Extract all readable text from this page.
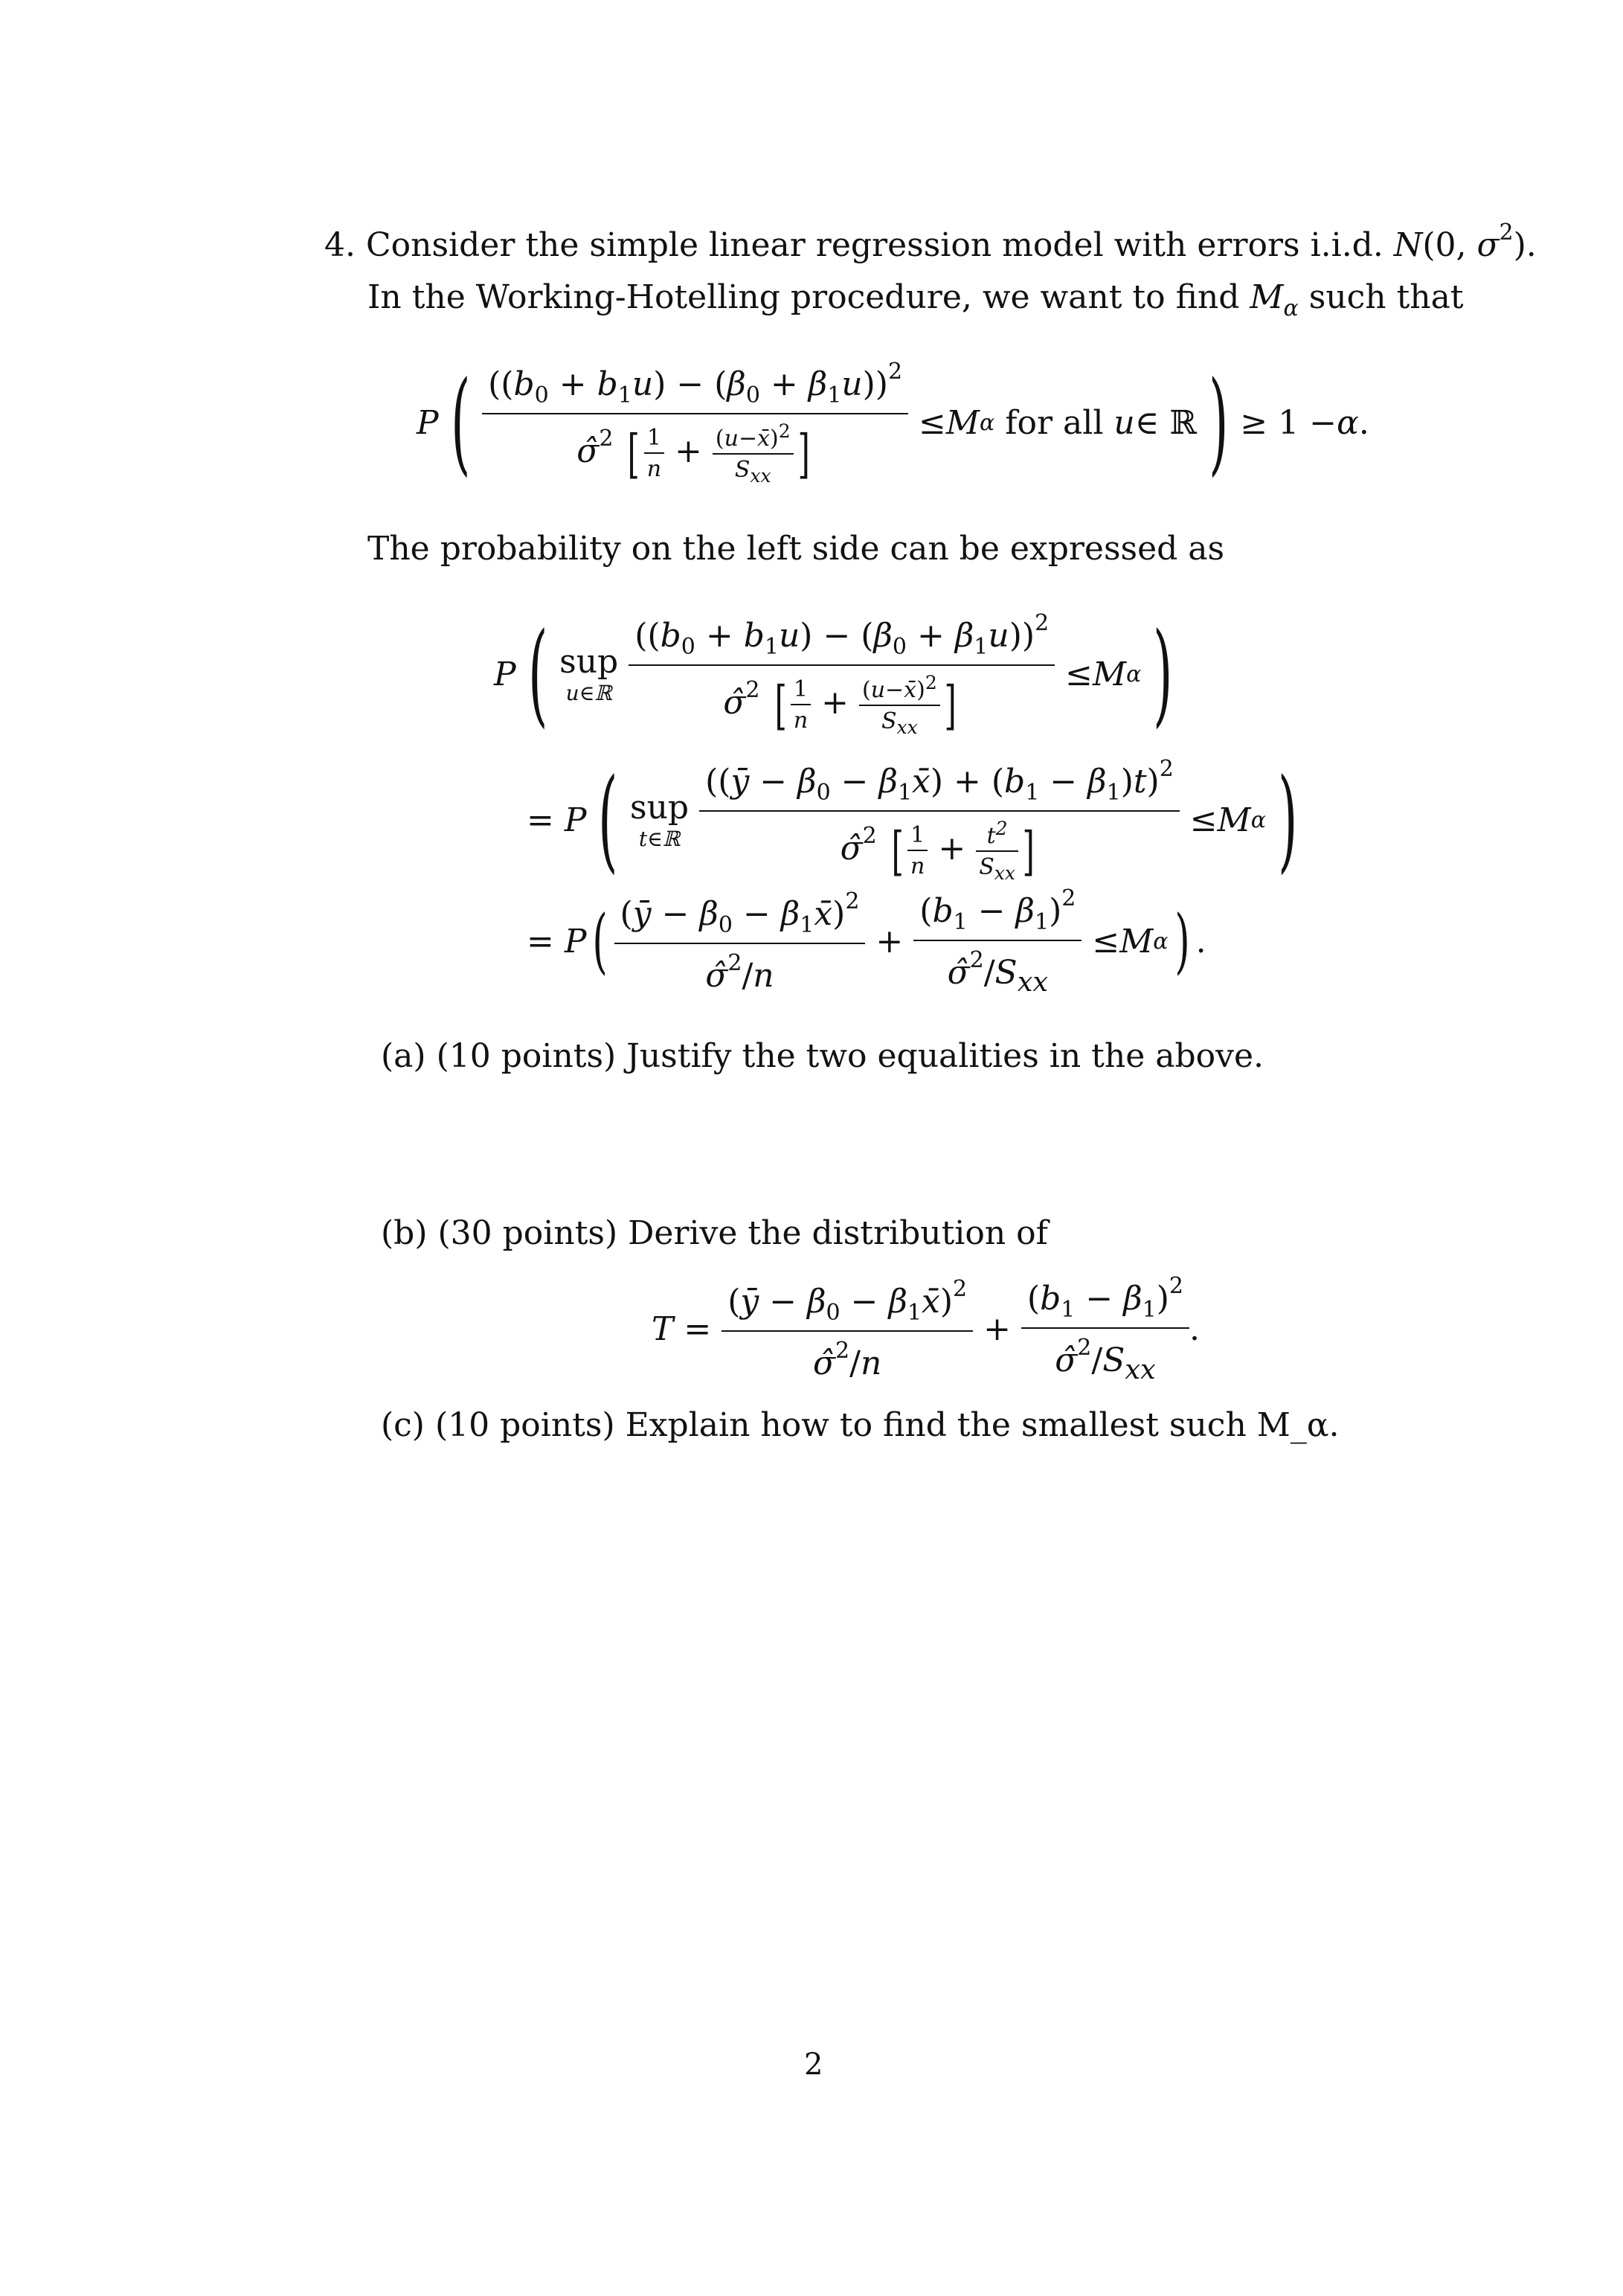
4. Consider the simple linear regression model with errors i.i.d. N(0, $\sigma^2$).
In the Working-Hotelling procedure, we want to find $M_\alpha$ such that
P ( $\frac{((b_0 + b_1u) - (\beta_0 + \beta_1u))^2}{\sigmâ^2 [ \frac{1}{n} + \frac{(u-x̄)^2}{S_{xx}} ]} \le M$ α
for all
u ∈ ℝ ) ≥ 1 − α .
The probability on the left side can be expressed as
P ( sup
u∈ℝ
$\frac{((b_0 + b_1u) - (\beta_0 + \beta_1u))^2}{\sigmâ^2 [ \frac{1}{n} + \frac{(u-x̄)^2}{S_{xx}} ]} \le M$ α )
= P ( sup
t∈ℝ
$\frac{((ȳ - \beta_0 - \beta_1x̄) + (b_1 - \beta_1)t)^2}{\sigmâ^2 [ \frac{1}{n} + \frac{t^2}{S_{xx}} ]} \le M$ α )
= P ( $\frac{(ȳ - \beta_0 - \beta_1x̄)^2}{\sigmâ^2/n} + \frac{(b_1 - \beta_1)^2}{\sigmâ^2/S_{xx}} \le M$ α ) .
(a) (10 points) Justify the two equalities in the above.
(b) (30 points) Derive the distribution of
$T = \frac{(ȳ - \beta_0 - \beta_1x̄)^2}{\sigmâ^2/n} + \frac{(b_1 - \beta_1)^2}{\sigmâ^2/S_{xx}}$ .
(c) (10 points) Explain how to find the smallest such M_α.
2
